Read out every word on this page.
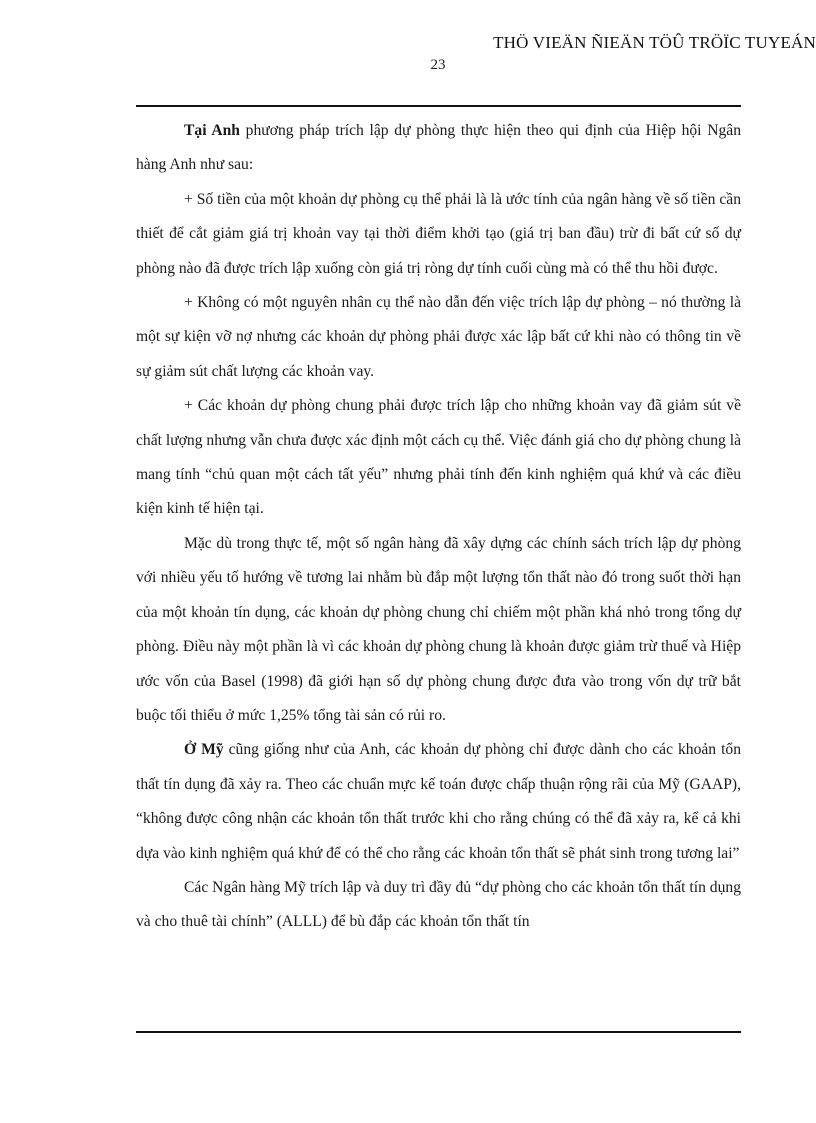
THÖ VIEÄN ÑIEÄN TÖÛ TRÖÏC TUYEÁN
23

Tại Anh phương pháp trích lập dự phòng thực hiện theo qui định của Hiệp hội Ngân hàng Anh như sau:

+ Số tiền của một khoản dự phòng cụ thể phải là là ước tính của ngân hàng về số tiền cần thiết để cắt giảm giá trị khoản vay tại thời điểm khởi tạo (giá trị ban đầu) trừ đi bất cứ số dự phòng nào đã được trích lập xuống còn giá trị ròng dự tính cuối cùng mà có thể thu hồi được.

+ Không có một nguyên nhân cụ thể nào dẫn đến việc trích lập dự phòng – nó thường là một sự kiện vỡ nợ nhưng các khoản dự phòng phải được xác lập bất cứ khi nào có thông tin về sự giảm sút chất lượng các khoản vay.

+ Các khoản dự phòng chung phải được trích lập cho những khoản vay đã giảm sút về chất lượng nhưng vẫn chưa được xác định một cách cụ thể. Việc đánh giá cho dự phòng chung là mang tính “chủ quan một cách tất yếu” nhưng phải tính đến kinh nghiệm quá khứ và các điều kiện kinh tế hiện tại.

Mặc dù trong thực tế, một số ngân hàng đã xây dựng các chính sách trích lập dự phòng với nhiều yếu tố hướng về tương lai nhằm bù đắp một lượng tổn thất nào đó trong suốt thời hạn của một khoản tín dụng, các khoản dự phòng chung chỉ chiếm một phần khá nhỏ trong tổng dự phòng. Điều này một phần là vì các khoản dự phòng chung là khoản được giảm trừ thuế và Hiệp ước vốn của Basel (1998) đã giới hạn số dự phòng chung được đưa vào trong vốn dự trữ bắt buộc tối thiểu ở mức 1,25% tổng tài sản có rủi ro.

Ở Mỹ cũng giống như của Anh, các khoản dự phòng chỉ được dành cho các khoản tổn thất tín dụng đã xảy ra. Theo các chuẩn mực kế toán được chấp thuận rộng rãi của Mỹ (GAAP), “không được công nhận các khoản tổn thất trước khi cho rằng chúng có thể đã xảy ra, kể cả khi dựa vào kinh nghiệm quá khứ để có thể cho rằng các khoản tổn thất sẽ phát sinh trong tương lai”

Các Ngân hàng Mỹ trích lập và duy trì đầy đủ “dự phòng cho các khoản tổn thất tín dụng và cho thuê tài chính” (ALLL) để bù đắp các khoản tổn thất tín
